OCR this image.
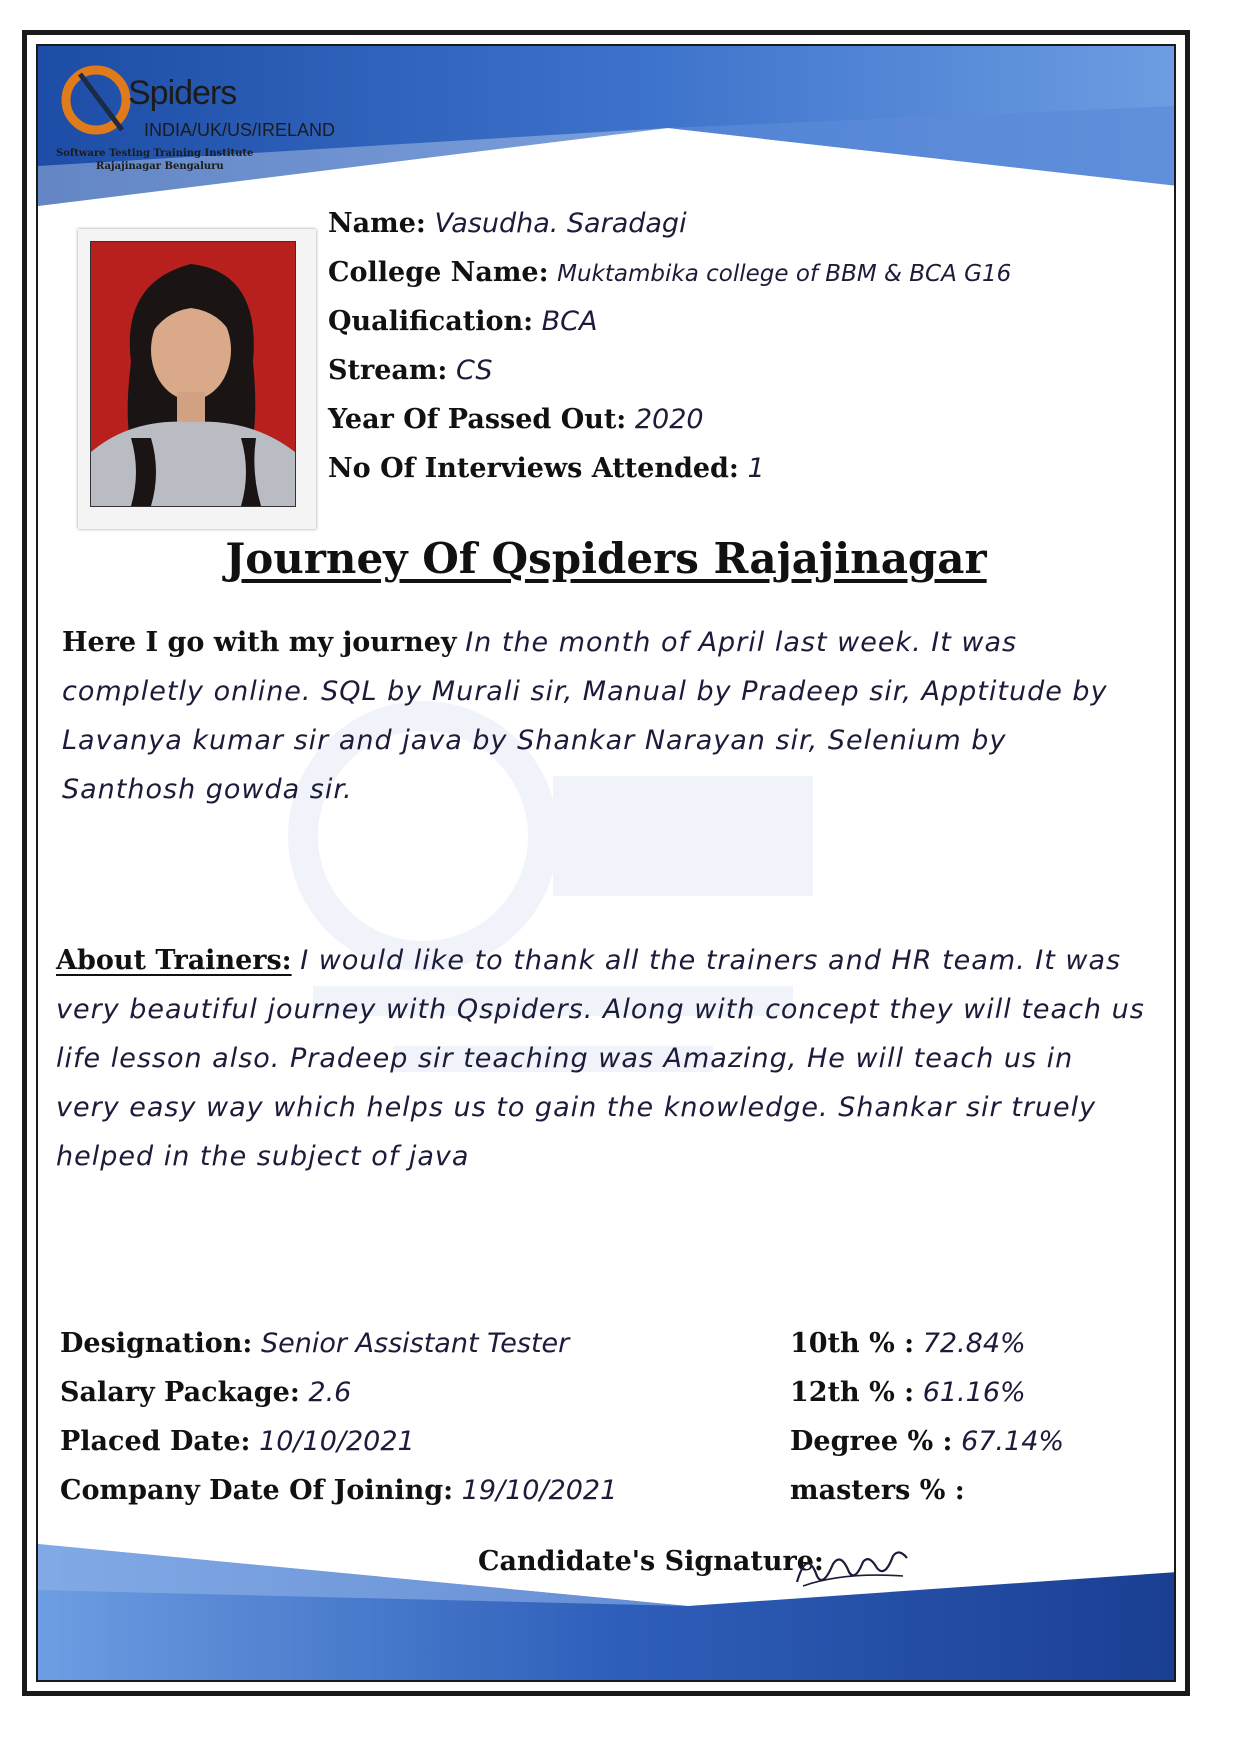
Spiders
INDIA/UK/US/IRELAND
Software Testing Training Institute
Rajajinagar Bengaluru
Name: Vasudha. Saradagi
College Name: Muktambika college of BBM & BCA G16
Qualification: BCA
Stream: CS
Year Of Passed Out: 2020
No Of Interviews Attended: 1
Journey Of Qspiders Rajajinagar
Here I go with my journey In the month of April last week. It was completly online. SQL by Murali sir, Manual by Pradeep sir, Apptitude by Lavanya kumar sir and java by Shankar Narayan sir, Selenium by Santhosh gowda sir.
About Trainers: I would like to thank all the trainers and HR team. It was very beautiful journey with Qspiders. Along with concept they will teach us life lesson also. Pradeep sir teaching was Amazing, He will teach us in very easy way which helps us to gain the knowledge. Shankar sir truely helped in the subject of java
Designation: Senior Assistant Tester
Salary Package: 2.6
Placed Date: 10/10/2021
Company Date Of Joining: 19/10/2021
10th % : 72.84%
12th % : 61.16%
Degree % : 67.14%
masters % :
Candidate's Signature:
